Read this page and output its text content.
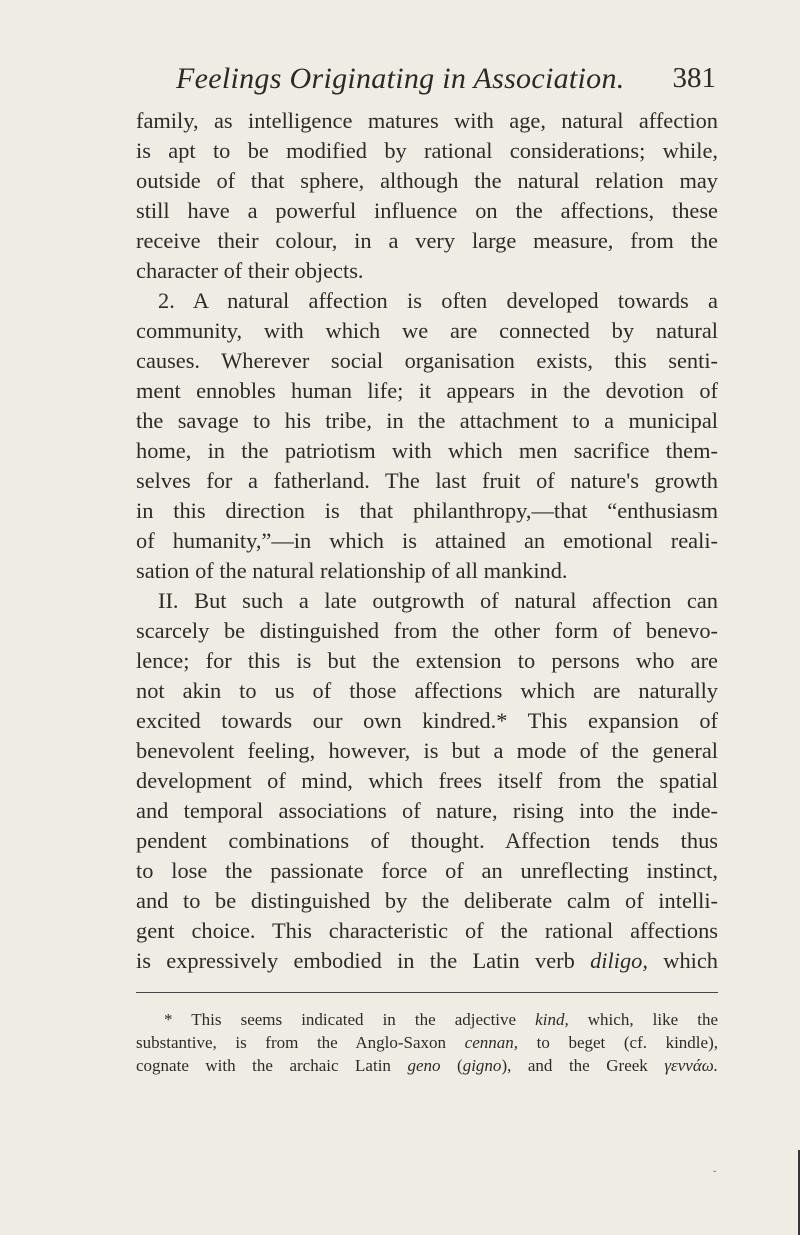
Feelings Originating in Association. 381
family, as intelligence matures with age, natural affection
is apt to be modified by rational considerations; while,
outside of that sphere, although the natural relation may
still have a powerful influence on the affections, these
receive their colour, in a very large measure, from the
character of their objects.
2. A natural affection is often developed towards a
community, with which we are connected by natural
causes. Wherever social organisation exists, this senti-
ment ennobles human life; it appears in the devotion of
the savage to his tribe, in the attachment to a municipal
home, in the patriotism with which men sacrifice them-
selves for a fatherland. The last fruit of nature's growth
in this direction is that philanthropy,—that “enthusiasm
of humanity,”—in which is attained an emotional reali-
sation of the natural relationship of all mankind.
II. But such a late outgrowth of natural affection can
scarcely be distinguished from the other form of benevo-
lence; for this is but the extension to persons who are
not akin to us of those affections which are naturally
excited towards our own kindred.* This expansion of
benevolent feeling, however, is but a mode of the general
development of mind, which frees itself from the spatial
and temporal associations of nature, rising into the inde-
pendent combinations of thought. Affection tends thus
to lose the passionate force of an unreflecting instinct,
and to be distinguished by the deliberate calm of intelli-
gent choice. This characteristic of the rational affections
is expressively embodied in the Latin verb diligo, which
* This seems indicated in the adjective kind, which, like the
substantive, is from the Anglo-Saxon cennan, to beget (cf. kindle),
cognate with the archaic Latin geno (gigno), and the Greek γεννάω.
ˇ
